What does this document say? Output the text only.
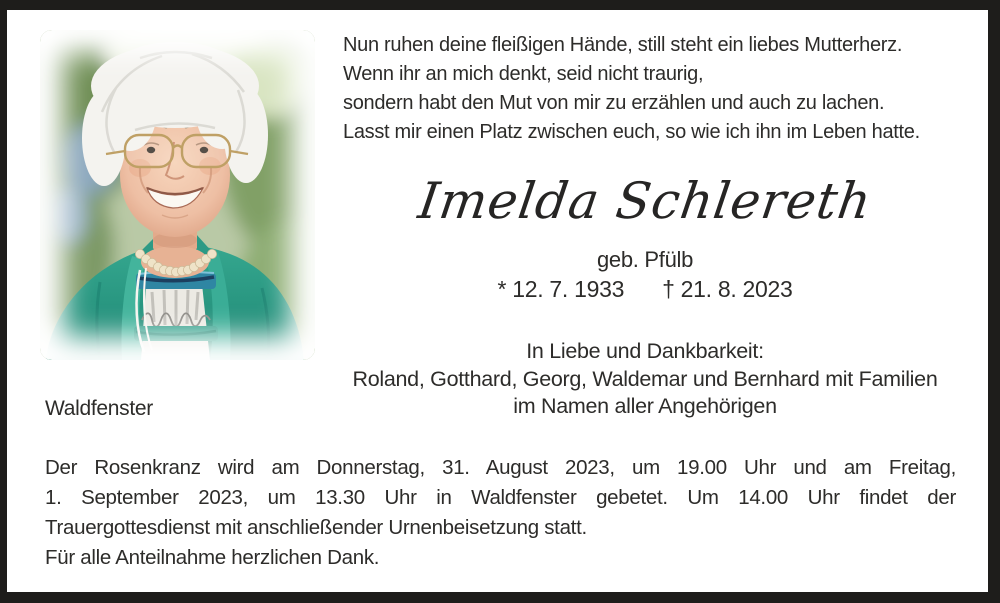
Nun ruhen deine fleißigen Hände, still steht ein liebes Mutterherz.
Wenn ihr an mich denkt, seid nicht traurig,
sondern habt den Mut von mir zu erzählen und auch zu lachen.
Lasst mir einen Platz zwischen euch, so wie ich ihn im Leben hatte.
Imelda Schlereth
geb. Pfülb
* 12. 7. 1933 † 21. 8. 2023
In Liebe und Dankbarkeit:
Roland, Gotthard, Georg, Waldemar und Bernhard mit Familien
im Namen aller Angehörigen
Waldfenster
Der Rosenkranz wird am Donnerstag, 31. August 2023, um 19.00 Uhr und am Freitag,
1. September 2023, um 13.30 Uhr in Waldfenster gebetet. Um 14.00 Uhr findet der
Trauergottesdienst mit anschließender Urnenbeisetzung statt.
Für alle Anteilnahme herzlichen Dank.
